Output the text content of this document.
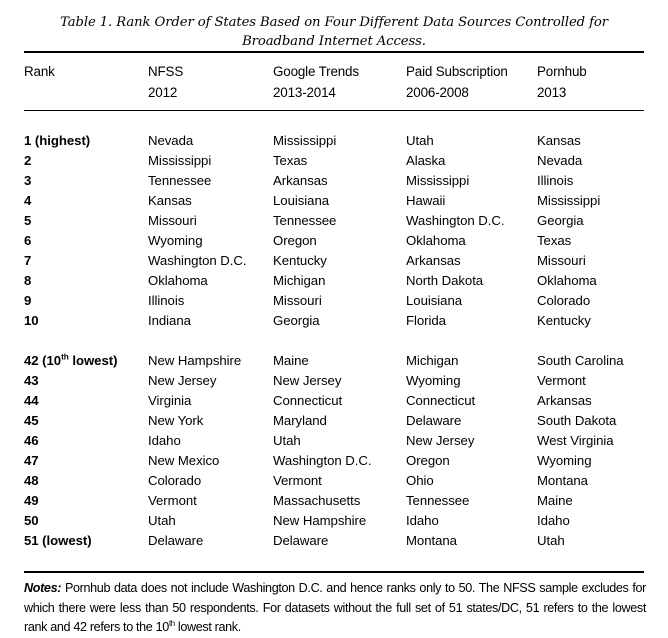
Table 1. Rank Order of States Based on Four Different Data Sources Controlled for Broadband Internet Access.

Rank	NFSS	Google Trends	Paid Subscription	Pornhub
	2012	2013-2014	2006-2008	2013

1 (highest)	Nevada	Mississippi	Utah	Kansas
2	Mississippi	Texas	Alaska	Nevada
3	Tennessee	Arkansas	Mississippi	Illinois
4	Kansas	Louisiana	Hawaii	Mississippi
5	Missouri	Tennessee	Washington D.C.	Georgia
6	Wyoming	Oregon	Oklahoma	Texas
7	Washington D.C.	Kentucky	Arkansas	Missouri
8	Oklahoma	Michigan	North Dakota	Oklahoma
9	Illinois	Missouri	Louisiana	Colorado
10	Indiana	Georgia	Florida	Kentucky

42 (10th lowest)	New Hampshire	Maine	Michigan	South Carolina
43	New Jersey	New Jersey	Wyoming	Vermont
44	Virginia	Connecticut	Connecticut	Arkansas
45	New York	Maryland	Delaware	South Dakota
46	Idaho	Utah	New Jersey	West Virginia
47	New Mexico	Washington D.C.	Oregon	Wyoming
48	Colorado	Vermont	Ohio	Montana
49	Vermont	Massachusetts	Tennessee	Maine
50	Utah	New Hampshire	Idaho	Idaho
51 (lowest)	Delaware	Delaware	Montana	Utah

Notes: Pornhub data does not include Washington D.C. and hence ranks only to 50. The NFSS sample excludes for which there were less than 50 respondents. For datasets without the full set of 51 states/DC, 51 refers to the lowest rank and 42 refers to the 10th lowest rank.
